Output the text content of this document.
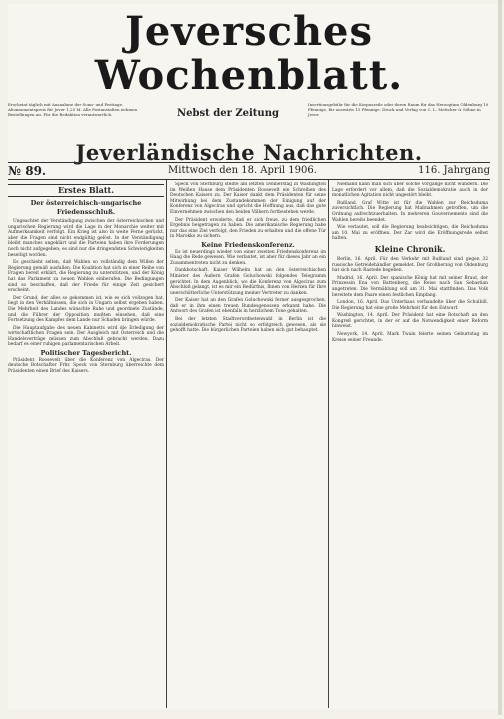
Jeversches Wochenblatt.
Erscheint täglich mit Ausnahme der Sonn- und Festtage. Abonnementspreis für Jever 1,25 M. Alle Postanstalten nehmen Bestellungen an. Für die Redaktion verantwortlich.	Nebst der Zeitung
Insertionsgebühr für die Korpuszeile oder deren Raum für das Herzogtum Oldenburg 10 Pfennige, für auswärts 15 Pfennige. Druck und Verlag von C. L. Mettcker & Söhne in Jever.
Jeverländische Nachrichten.
№ 89.	Mittwoch den 18. April 1906.	116. Jahrgang
Erstes Blatt.
Der österreichisch-ungarische Friedensschluß.

Ungeachtet der Verständigung zwischen der österreichischen und ungarischen Regierung wird die Lage in der Monarchie weiter mit Aufmerksamkeit verfolgt. Ein Krieg ist also in weite Ferne gerückt, aber die Fragen sind nicht endgültig gelöst. In der Verständigung bleibt manches ungeklärt und die Parteien haben ihre Forderungen noch nicht aufgegeben; es sind nur die dringendsten Schwierigkeiten beseitigt worden.

Es geschieht selten, daß Wahlen so vollständig dem Willen der Regierung gemäß ausfallen. Die Koalition hat sich in einer Reihe von Fragen bereit erklärt, die Regierung zu unterstützen, und der König hat das Parlament zu neuen Wahlen einberufen. Die Bedingungen sind so beschaffen, daß der Friede für einige Zeit gesichert erscheint.

Der Grund, der alles so gekommen ist, wie es sich vollzogen hat, liegt in den Verhältnissen, die sich in Ungarn selbst ergeben haben. Die Mehrheit des Landes wünschte Ruhe und geordnete Zustände, und die Führer der Opposition mußten einsehen, daß eine Fortsetzung des Kampfes dem Lande nur Schaden bringen würde.

Die Hauptaufgabe des neuen Kabinetts wird die Erledigung der wirtschaftlichen Fragen sein. Der Ausgleich mit Österreich und die Handelsverträge müssen zum Abschluß gebracht werden. Dazu bedarf es einer ruhigen parlamentarischen Arbeit.

Politischer Tagesbericht.

Präsident Roosevelt über die Konferenz von Algeciras. Der deutsche Botschafter Frhr. Speck von Sternburg überreichte dem Präsidenten einen Brief des Kaisers.

Speck von Sternburg stellte am letzten Donnerstag in Washington im Weißen Hause dem Präsidenten Roosevelt ein Schreiben des Deutschen Kaisers zu. Der Kaiser dankt dem Präsidenten für seine Mitwirkung bei dem Zustandekommen der Einigung auf der Konferenz von Algeciras und spricht die Hoffnung aus, daß das gute Einvernehmen zwischen den beiden Völkern fortbestehen werde.

Der Präsident erwiderte, daß er sich freue, zu dem friedlichen Ergebnis beigetragen zu haben. Die amerikanische Regierung habe nur das eine Ziel verfolgt, den Frieden zu erhalten und die offene Tür in Marokko zu sichern.

Keine Friedenskonferenz.

Es ist neuerdings wieder von einer zweiten Friedenskonferenz im Haag die Rede gewesen. Wie verlautet, ist aber für dieses Jahr an ein Zusammentreten nicht zu denken.

Dankbotschaft. Kaiser Wilhelm hat an den österreichischen Minister des Äußern Grafen Goluchowski folgendes Telegramm gerichtet: In dem Augenblick, wo die Konferenz von Algeciras zum Abschluß gelangt, ist es mir ein Bedürfnis, Ihnen von Herzen für Ihre unerschütterliche Unterstützung meiner Vertreter zu danken.

Der Kaiser hat an den Grafen Goluchowski ferner ausgesprochen, daß er in ihm einen treuen Bundesgenossen erkannt habe. Die Antwort des Grafen ist ebenfalls in herzlichem Tone gehalten.

Bei der letzten Stadtverordnetenwahl in Berlin ist die sozialdemokratische Partei nicht so erfolgreich gewesen, als sie gehofft hatte. Die bürgerlichen Parteien haben sich gut behauptet.

Niemand kann man sich über solche Vorgänge nicht wundern. Die Lage erfordert vor allem, daß die Sozialdemokratie auch in der monatlichen Agitation nicht ungestört bleibt.

Rußland. Graf Witte ist für die Wahlen zur Reichsduma zuversichtlich. Die Regierung hat Maßnahmen getroffen, um die Ordnung aufrechtzuerhalten. In mehreren Gouvernements sind die Wahlen bereits beendet.

Wie verlautet, soll die Regierung beabsichtigen, die Reichsduma am 10. Mai zu eröffnen. Der Zar wird die Eröffnungsrede selbst halten.

Kleine Chronik.

Berlin, 16. April. Für den Verkehr mit Rußland sind gegen 32 russische Getreidehändler gemeldet. Der Großherzog von Oldenburg hat sich nach Rastede begeben.

Madrid, 16. April. Der spanische König hat mit seiner Braut, der Prinzessin Ena von Battenberg, die Reise nach San Sebastian angetreten. Die Vermählung soll am 31. Mai stattfinden. Das Volk bereitete dem Paare einen festlichen Empfang.

London, 16. April. Das Unterhaus verhandelte über die Schulbill. Die Regierung hat eine große Mehrheit für den Entwurf.

Washington, 14. April. Der Präsident hat eine Botschaft an den Kongreß gerichtet, in der er auf die Notwendigkeit einer Reform hinweist.

Newyork, 14. April. Mark Twain feierte seinen Geburtstag im Kreise seiner Freunde.
